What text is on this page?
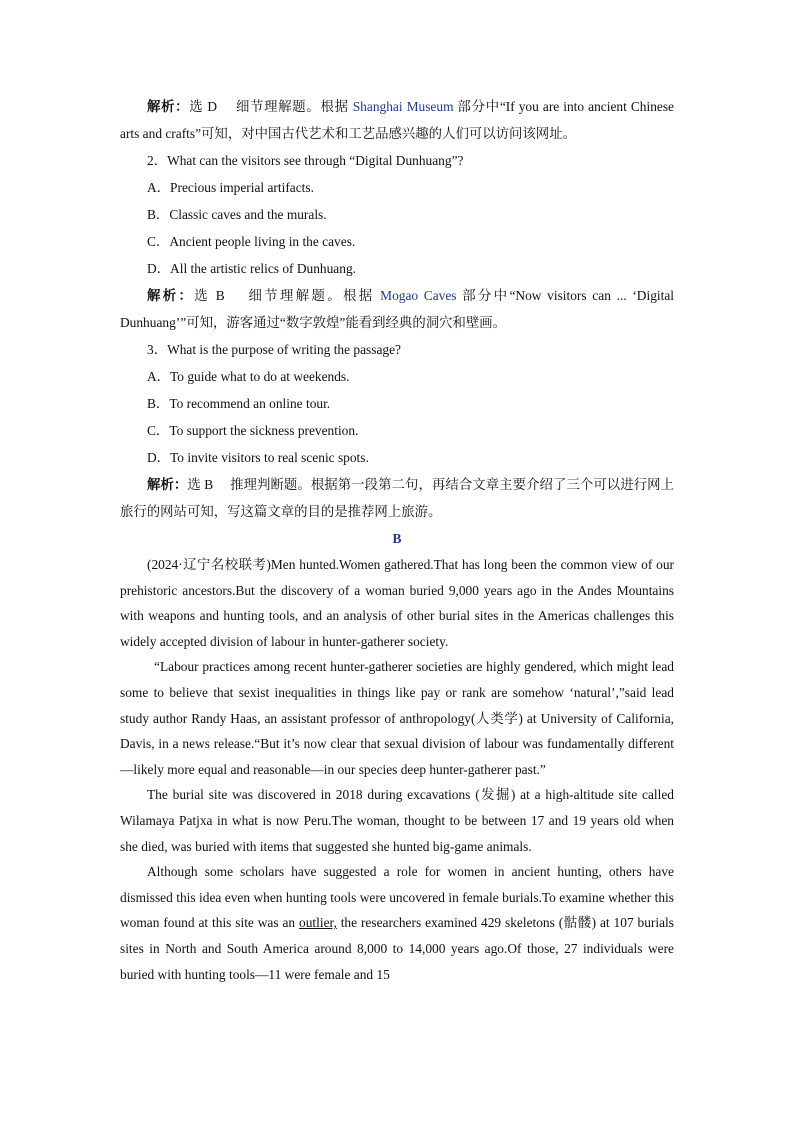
解析：选 D　 细节理解题。根据 Shanghai Museum 部分中“If you are into ancient Chinese arts and crafts”可知，对中国古代艺术和工艺品感兴趣的人们可以访问该网址。

2．What can the visitors see through “Digital Dunhuang”?

A．Precious imperial artifacts.

B．Classic caves and the murals.

C．Ancient people living in the caves.

D．All the artistic relics of Dunhuang.

解析：选 B　 细节理解题。根据 Mogao Caves 部分中“Now visitors can ... ‘Digital Dunhuang’”可知，游客通过“数字敦煌”能看到经典的洞穴和壁画。

3．What is the purpose of writing the passage?

A．To guide what to do at weekends.

B．To recommend an online tour.

C．To support the sickness prevention.

D．To invite visitors to real scenic spots.

解析：选 B　 推理判断题。根据第一段第二句，再结合文章主要介绍了三个可以进行网上旅行的网站可知，写这篇文章的目的是推荐网上旅游。

B

(2024·辽宁名校联考)Men hunted.Women gathered.That has long been the common view of our prehistoric ancestors.But the discovery of a woman buried 9,000 years ago in the Andes Mountains with weapons and hunting tools, and an analysis of other burial sites in the Americas challenges this widely accepted division of labour in hunter-gatherer society.

“Labour practices among recent hunter-gatherer societies are highly gendered, which might lead some to believe that sexist inequalities in things like pay or rank are somehow ‘natural’,”said lead study author Randy Haas, an assistant professor of anthropology(人类学) at University of California, Davis, in a news release.“But it’s now clear that sexual division of labour was fundamentally different—likely more equal and reasonable—in our species deep hunter-gatherer past.”

The burial site was discovered in 2018 during excavations (发掘) at a high-altitude site called Wilamaya Patjxa in what is now Peru.The woman, thought to be between 17 and 19 years old when she died, was buried with items that suggested she hunted big-game animals.

Although some scholars have suggested a role for women in ancient hunting, others have dismissed this idea even when hunting tools were uncovered in female burials.To examine whether this woman found at this site was an outlier, the researchers examined 429 skeletons (骷髅) at 107 burials sites in North and South America around 8,000 to 14,000 years ago.Of those, 27 individuals were buried with hunting tools—11 were female and 15
